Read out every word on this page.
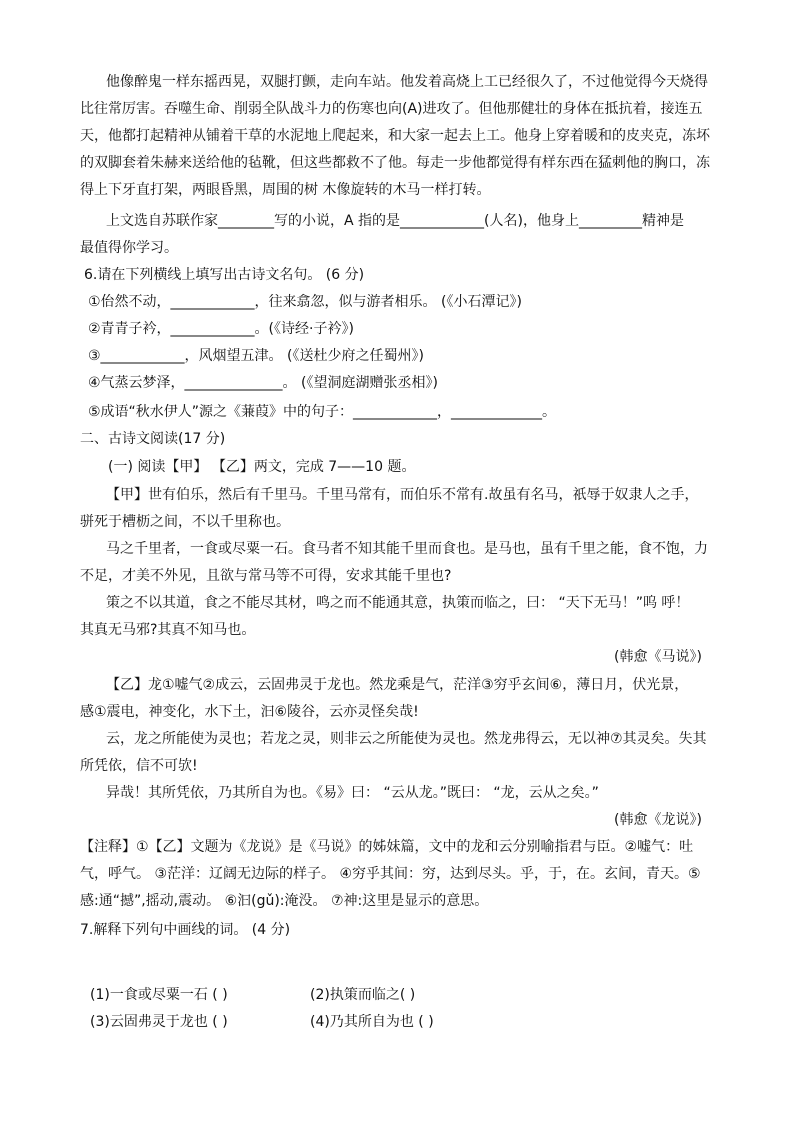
他像醉鬼一样东摇西晃，双腿打颤，走向车站。他发着高烧上工已经很久了，不过他觉得今天烧得
比往常厉害。吞噬生命、削弱全队战斗力的伤寒也向(A)进攻了。但他那健壮的身体在抵抗着，接连五
天，他都打起精神从铺着干草的水泥地上爬起来，和大家一起去上工。他身上穿着暖和的皮夹克，冻坏
的双脚套着朱赫来送给他的毡靴，但这些都救不了他。每走一步他都觉得有样东西在猛刺他的胸口，冻
得上下牙直打架，两眼昏黑，周围的树 木像旋转的木马一样打转。
上文选自苏联作家________写的小说，A 指的是____________(人名)，他身上_________精神是
最值得你学习。
6.请在下列横线上填写出古诗文名句。 (6 分)
①佁然不动，____________，往来翕忽，似与游者相乐。 (《小石潭记》)
②青青子衿，____________。(《诗经·子衿》)
③____________，风烟望五津。 (《送杜少府之任蜀州》)
④气蒸云梦泽，______________。 (《望洞庭湖赠张丞相》)
⑤成语“秋水伊人”源之《蒹葭》中的句子：____________，_____________。
二、古诗文阅读(17 分)
(一) 阅读【甲】 【乙】两文，完成 7——10 题。
【甲】世有伯乐，然后有千里马。千里马常有，而伯乐不常有.故虽有名马，祇辱于奴隶人之手，
骈死于槽枥之间，不以千里称也。
马之千里者，一食或尽粟一石。食马者不知其能千里而食也。是马也，虽有千里之能，食不饱，力
不足，才美不外见，且欲与常马等不可得，安求其能千里也?
策之不以其道，食之不能尽其材，鸣之而不能通其意，执策而临之，曰： “天下无马！”呜 呼！
其真无马邪?其真不知马也。
(韩愈《马说》)
【乙】龙①嘘气②成云，云固弗灵于龙也。然龙乘是气，茫洋③穷乎玄间⑥，薄日月，伏光景，
感①震电，神变化，水下土，汩⑥陵谷，云亦灵怪矣哉!
云，龙之所能使为灵也；若龙之灵，则非云之所能使为灵也。然龙弗得云，无以神⑦其灵矣。失其
所凭依，信不可欤!
异哉！其所凭依，乃其所自为也。《易》曰： “云从龙。”既曰： “龙，云从之矣。”
(韩愈《龙说》)
【注释】①【乙】文题为《龙说》是《马说》的姊妹篇，文中的龙和云分别喻指君与臣。②嘘气：吐
气，呼气。 ③茫洋：辽阔无边际的样子。 ④穷乎其间：穷，达到尽头。乎，于，在。玄间，青天。⑤
感:通“撼”,摇动,震动。 ⑥汩(gǔ):淹没。 ⑦神:这里是显示的意思。
7.解释下列句中画线的词。 (4 分)
(1)一食或尽粟一石 ( )	(2)执策而临之( )
(3)云固弗灵于龙也 ( )	(4)乃其所自为也 ( )
